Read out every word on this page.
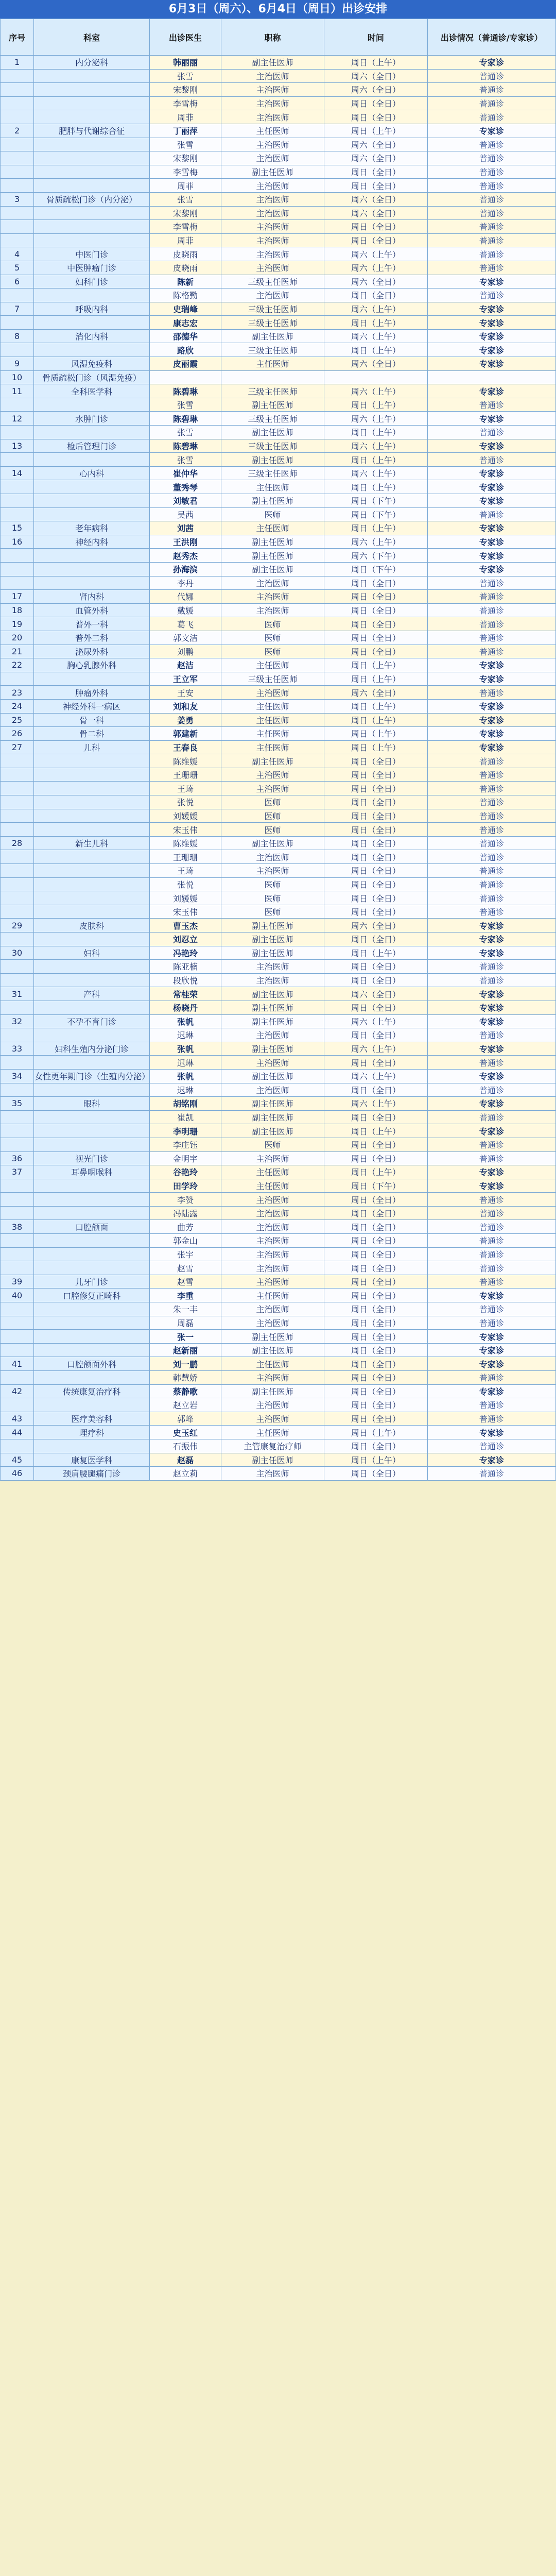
6月3日（周六）、6月4日（周日）出诊安排
序号	科室	出诊医生	职称	时间	出诊情况（普通诊/专家诊）
1	内分泌科	韩丽丽	副主任医师	周日（上午）	专家诊
		张雪	主治医师	周六（全日）	普通诊
		宋黎刚	主治医师	周六（全日）	普通诊
		李雪梅	主治医师	周日（全日）	普通诊
		周菲	主治医师	周日（全日）	普通诊
2	肥胖与代谢综合征	丁丽萍	主任医师	周日（上午）	专家诊
		张雪	主治医师	周六（全日）	普通诊
		宋黎刚	主治医师	周六（全日）	普通诊
		李雪梅	副主任医师	周日（全日）	普通诊
		周菲	主治医师	周日（全日）	普通诊
3	骨质疏松门诊（内分泌）	张雪	主治医师	周六（全日）	普通诊
		宋黎刚	主治医师	周六（全日）	普通诊
		李雪梅	主治医师	周日（全日）	普通诊
		周菲	主治医师	周日（全日）	普通诊
4	中医门诊	皮晓雨	主治医师	周六（上午）	普通诊
5	中医肿瘤门诊	皮晓雨	主治医师	周六（上午）	普通诊
6	妇科门诊	陈新	三级主任医师	周六（全日）	专家诊
		陈格勤	主治医师	周日（全日）	普通诊
7	呼吸内科	史瑞峰	三级主任医师	周六（上午）	专家诊
		康志宏	三级主任医师	周日（上午）	专家诊
8	消化内科	邵德华	副主任医师	周六（上午）	专家诊
		路欣	三级主任医师	周日（上午）	专家诊
9	风湿免疫科	皮丽霞	主任医师	周六（全日）	专家诊
10	骨质疏松门诊（风湿免疫）				
11	全科医学科	陈碧琳	三级主任医师	周六（上午）	专家诊
		张雪	副主任医师	周日（上午）	普通诊
12	水肿门诊	陈碧琳	三级主任医师	周六（上午）	专家诊
		张雪	副主任医师	周日（上午）	普通诊
13	检后管理门诊	陈碧琳	三级主任医师	周六（上午）	专家诊
		张雪	副主任医师	周日（上午）	普通诊
14	心内科	崔仲华	三级主任医师	周六（上午）	专家诊
		董秀琴	主任医师	周日（上午）	专家诊
		刘敏君	副主任医师	周日（下午）	专家诊
		吴茜	医师	周日（下午）	普通诊
15	老年病科	刘茜	主任医师	周日（上午）	专家诊
16	神经内科	王洪刚	副主任医师	周六（上午）	专家诊
		赵秀杰	副主任医师	周六（下午）	专家诊
		孙海滨	副主任医师	周日（下午）	专家诊
		李丹	主治医师	周日（全日）	普通诊
17	肾内科	代娜	主治医师	周日（全日）	普通诊
18	血管外科	戴媛	主治医师	周日（全日）	普通诊
19	普外一科	葛飞	医师	周日（全日）	普通诊
20	普外二科	郭文洁	医师	周日（全日）	普通诊
21	泌尿外科	刘鹏	医师	周日（全日）	普通诊
22	胸心乳腺外科	赵洁	主任医师	周日（上午）	专家诊
		王立军	三级主任医师	周日（上午）	专家诊
23	肿瘤外科	王安	主治医师	周六（全日）	普通诊
24	神经外科一病区	刘和友	主任医师	周日（上午）	专家诊
25	骨一科	姜勇	主任医师	周日（上午）	专家诊
26	骨二科	郭建新	主任医师	周日（上午）	专家诊
27	儿科	王春良	主任医师	周日（上午）	专家诊
		陈维媛	副主任医师	周日（全日）	普通诊
		王珊珊	主治医师	周日（全日）	普通诊
		王琦	主治医师	周日（全日）	普通诊
		张悦	医师	周日（全日）	普通诊
		刘媛媛	医师	周日（全日）	普通诊
		宋玉伟	医师	周日（全日）	普通诊
28	新生儿科	陈维媛	副主任医师	周日（全日）	普通诊
		王珊珊	主治医师	周日（全日）	普通诊
		王琦	主治医师	周日（全日）	普通诊
		张悦	医师	周日（全日）	普通诊
		刘媛媛	医师	周日（全日）	普通诊
		宋玉伟	医师	周日（全日）	普通诊
29	皮肤科	曹玉杰	副主任医师	周六（全日）	专家诊
		刘忍立	副主任医师	周日（全日）	专家诊
30	妇科	冯艳玲	副主任医师	周日（上午）	专家诊
		陈亚楠	主治医师	周日（全日）	普通诊
		段欣悦	主治医师	周日（全日）	普通诊
31	产科	常桂荣	副主任医师	周六（全日）	专家诊
		杨晓丹	副主任医师	周日（全日）	专家诊
32	不孕不育门诊	张帆	副主任医师	周六（上午）	专家诊
		迟琳	主治医师	周日（全日）	普通诊
33	妇科生殖内分泌门诊	张帆	副主任医师	周六（上午）	专家诊
		迟琳	主治医师	周日（全日）	普通诊
34	女性更年期门诊（生殖内分泌）	张帆	副主任医师	周六（上午）	专家诊
		迟琳	主治医师	周日（全日）	普通诊
35	眼科	胡铭刚	副主任医师	周六（上午）	专家诊
		崔凯	副主任医师	周日（全日）	普通诊
		李明珊	副主任医师	周日（上午）	专家诊
		李庄钰	医师	周日（全日）	普通诊
36	视光门诊	金明宇	主治医师	周日（全日）	普通诊
37	耳鼻咽喉科	谷艳玲	主任医师	周日（上午）	专家诊
		田学玲	主任医师	周日（下午）	专家诊
		李赞	主治医师	周日（全日）	普通诊
		冯陆露	主治医师	周日（全日）	普通诊
38	口腔颌面	曲芳	主治医师	周日（全日）	普通诊
		郭金山	主治医师	周日（全日）	普通诊
		张宇	主治医师	周日（全日）	普通诊
		赵雪	主治医师	周日（全日）	普通诊
39	儿牙门诊	赵雪	主治医师	周日（全日）	普通诊
40	口腔修复正畸科	李重	主任医师	周日（全日）	专家诊
		朱一丰	主治医师	周日（全日）	普通诊
		周磊	主治医师	周日（全日）	普通诊
		张一	副主任医师	周日（全日）	专家诊
		赵新丽	副主任医师	周日（全日）	专家诊
41	口腔颌面外科	刘一鹏	主任医师	周日（全日）	专家诊
		韩慧娇	主治医师	周日（全日）	普通诊
42	传统康复治疗科	蔡静歌	副主任医师	周日（全日）	专家诊
		赵立岩	主治医师	周日（全日）	普通诊
43	医疗美容科	郭峰	主治医师	周日（全日）	普通诊
44	理疗科	史玉红	主任医师	周日（上午）	专家诊
		石振伟	主管康复治疗师	周日（全日）	普通诊
45	康复医学科	赵磊	副主任医师	周日（上午）	专家诊
46	颈肩腰腿痛门诊	赵立莉	主治医师	周日（全日）	普通诊
